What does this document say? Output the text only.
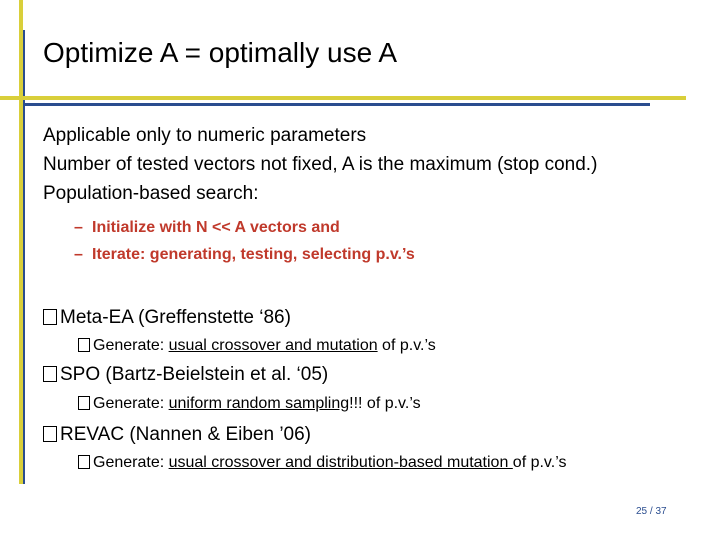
Optimize A = optimally use A
Applicable only to numeric parameters
Number of tested vectors not fixed, A is the maximum (stop cond.)
Population-based search:
– Initialize with N << A vectors and
– Iterate: generating, testing, selecting p.v.’s
Meta-EA (Greffenstette ‘86)
Generate: usual crossover and mutation of p.v.’s
SPO (Bartz-Beielstein et al. ‘05)
Generate: uniform random sampling!!! of p.v.’s
REVAC (Nannen & Eiben ’06)
Generate: usual crossover and distribution-based mutation of p.v.’s
25 / 37
